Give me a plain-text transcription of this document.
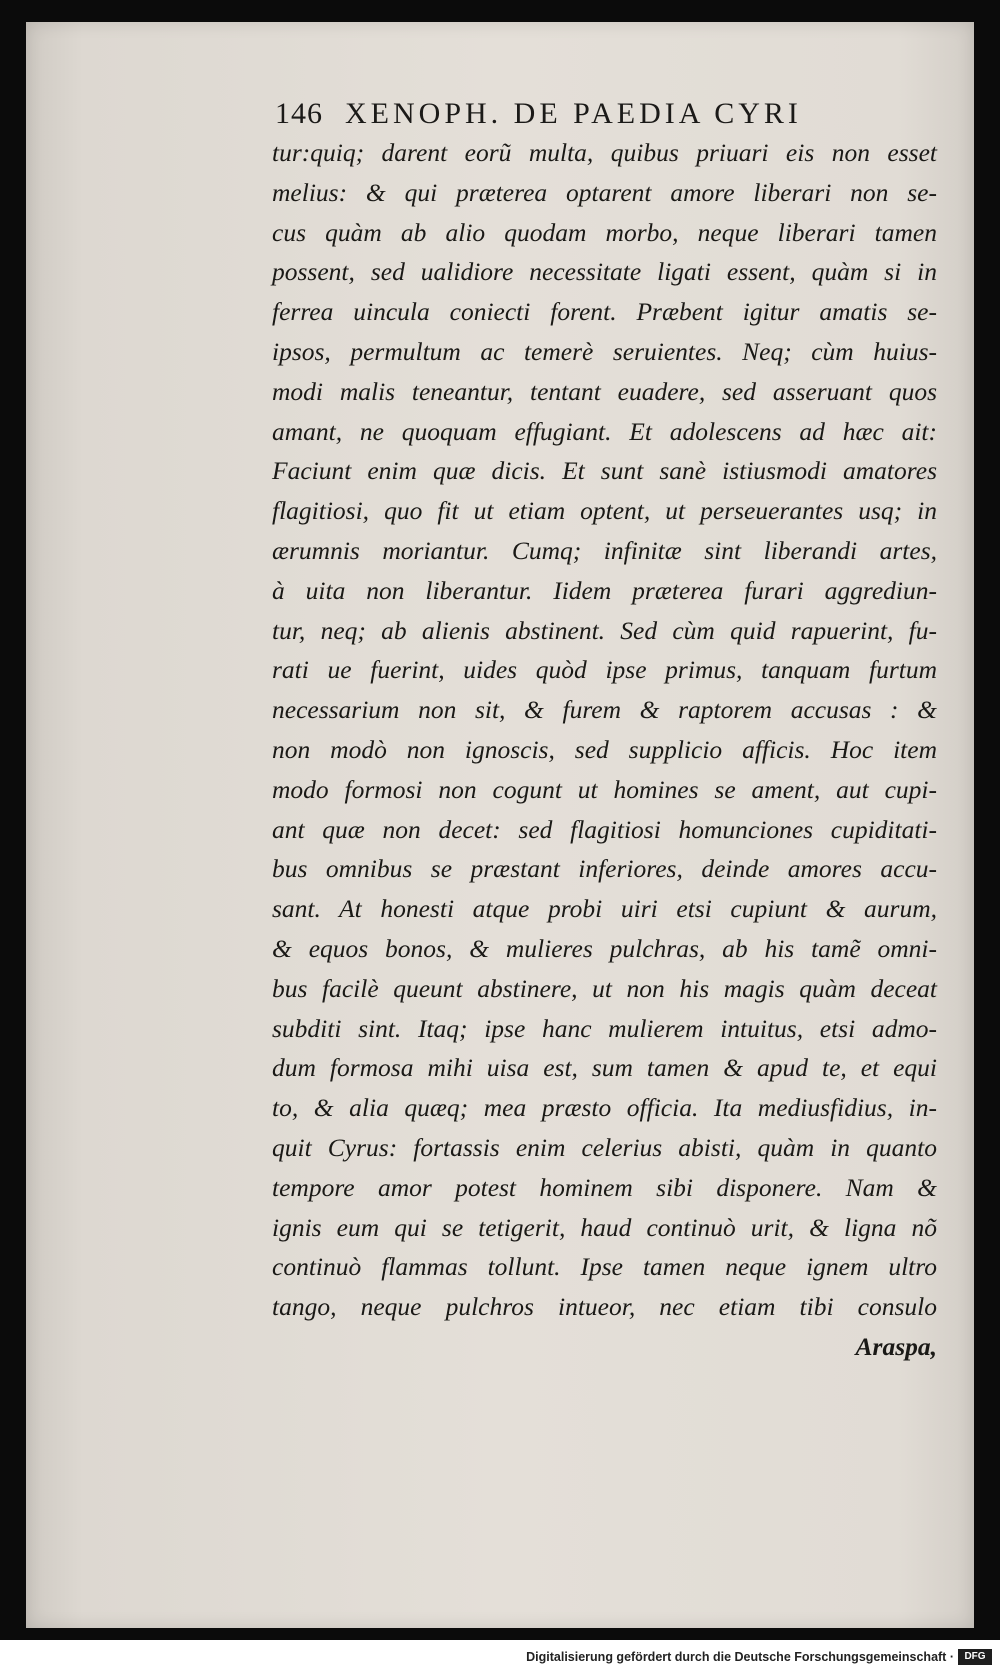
146 XENOPH. DE PAEDIA CYRI
tur:quiq; darent eorũ multa, quibus priuari eis non esset
melius: & qui prӕterea optarent amore liberari non se-
cus quàm ab alio quodam morbo, neque liberari tamen
possent, sed ualidiore necessitate ligati essent, quàm si in
ferrea uincula coniecti forent. Prӕbent igitur amatis se-
ipsos, permultum ac temerè seruientes. Neq; cùm huius-
modi malis teneantur, tentant euadere, sed asseruant quos
amant, ne quoquam effugiant. Et adolescens ad hӕc ait:
Faciunt enim quӕ dicis. Et sunt sanè istiusmodi amatores
flagitiosi, quo fit ut etiam optent, ut perseuerantes usq; in
ӕrumnis moriantur. Cumq; infinitӕ sint liberandi artes,
à uita non liberantur. Iidem prӕterea furari aggrediun-
tur, neq; ab alienis abstinent. Sed cùm quid rapuerint, fu-
rati ue fuerint, uides quòd ipse primus, tanquam furtum
necessarium non sit, & furem & raptorem accusas : &
non modò non ignoscis, sed supplicio afficis. Hoc item
modo formosi non cogunt ut homines se ament, aut cupi-
ant quӕ non decet: sed flagitiosi homunciones cupiditati-
bus omnibus se prӕstant inferiores, deinde amores accu-
sant. At honesti atque probi uiri etsi cupiunt & aurum,
& equos bonos, & mulieres pulchras, ab his tamẽ omni-
bus facilè queunt abstinere, ut non his magis quàm deceat
subditi sint. Itaq; ipse hanc mulierem intuitus, etsi admo-
dum formosa mihi uisa est, sum tamen & apud te, et equi
to, & alia quӕq; mea prӕsto officia. Ita mediusfidius, in-
quit Cyrus: fortassis enim celerius abisti, quàm in quanto
tempore amor potest hominem sibi disponere. Nam &
ignis eum qui se tetigerit, haud continuò urit, & ligna nõ
continuò flammas tollunt. Ipse tamen neque ignem ultro
tango, neque pulchros intueor, nec etiam tibi consulo
Araspa,
Digitalisierung gefördert durch die Deutsche Forschungsgemeinschaft ·	DFG
